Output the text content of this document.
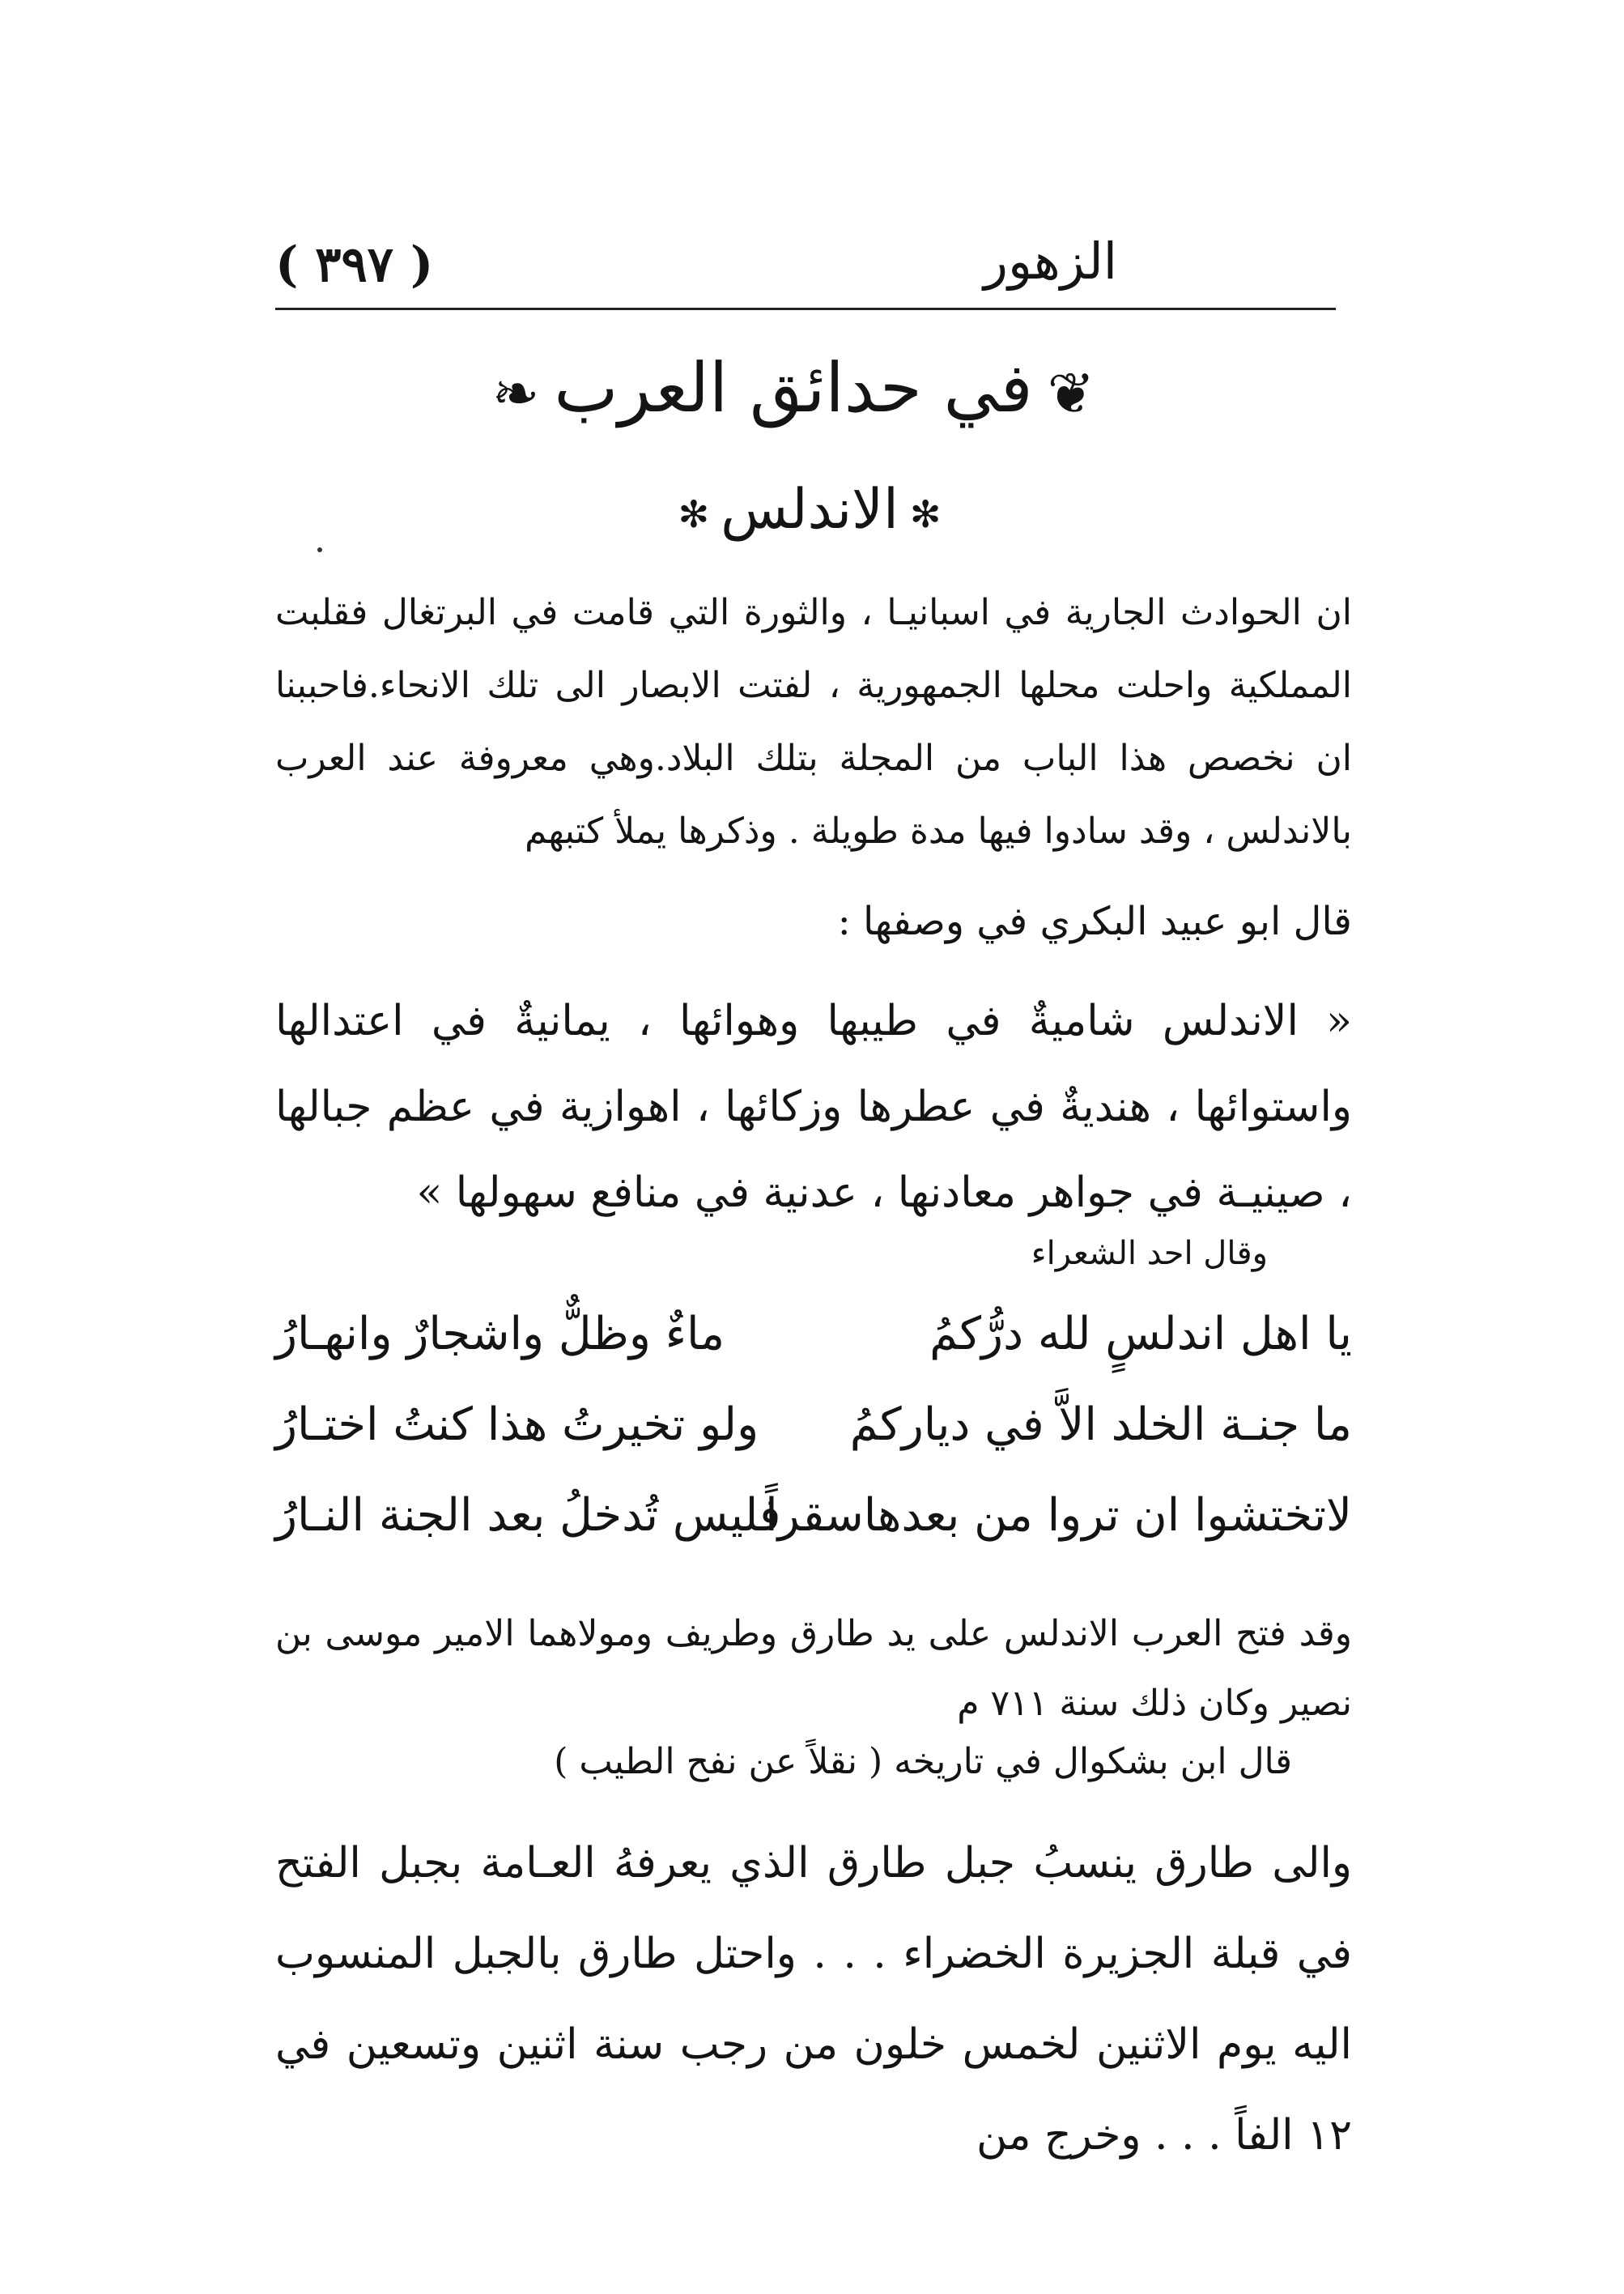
( ٣٩٧ )	الزهور
❦في حدائق العرب❧
✻الاندلس✻
ان الحوادث الجارية في اسبانيـا ، والثورة التي قامت في البرتغال فقلبت المملكية واحلت محلها الجمهورية ، لفتت الابصار الى تلك الانحاء.فاحببنا ان نخصص هذا الباب من المجلة بتلك البلاد.وهي معروفة عند العرب بالاندلس ، وقد سادوا فيها مدة طويلة . وذكرها يملأ كتبهم
قال ابو عبيد البكري في وصفها :
« الاندلس شاميةٌ في طيبها وهوائها ، يمانيةٌ في اعتدالها واستوائها ، هنديةٌ في عطرها وزكائها ، اهوازية في عظم جبالها ، صينيـة في جواهر معادنها ، عدنية في منافع سهولها »
وقال احد الشعراء
يا اهل اندلسٍ لله درُّكمُ
ماءٌ وظلٌّ واشجارٌ وانهـارُ
ما جنـة الخلد الاَّ في دياركمُ
ولو تخيرتُ هذا كنتُ اختـارُ
لاتختشوا ان تروا من بعدهاسقراً
فليس تُدخلُ بعد الجنة النـارُ
وقد فتح العرب الاندلس على يد طارق وطريف ومولاهما الامير موسى بن نصير وكان ذلك سنة ٧١١ م
قال ابن بشكوال في تاريخه ( نقلاً عن نفح الطيب )
والى طارق ينسبُ جبل طارق الذي يعرفهُ العـامة بجبل الفتح في قبلة الجزيرة الخضراء . . . واحتل طارق بالجبل المنسوب اليه يوم الاثنين لخمس خلون من رجب سنة اثنين وتسعين في ١٢ الفاً . . . وخرج من
